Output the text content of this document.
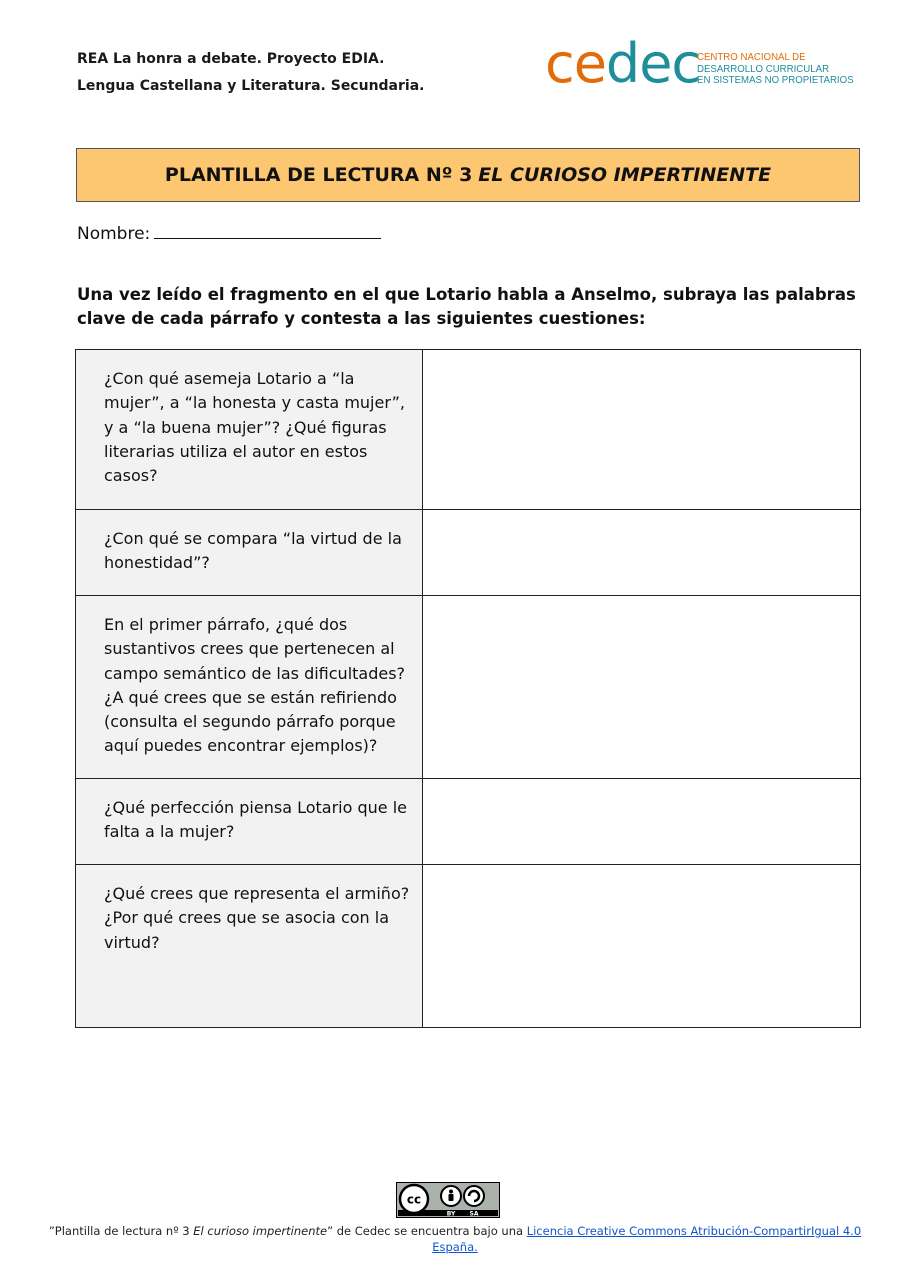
REA La honra a debate. Proyecto EDIA.
Lengua Castellana y Literatura. Secundaria. cedec
CENTRO NACIONAL DE
DESARROLLO CURRICULAR
EN SISTEMAS NO PROPIETARIOS
PLANTILLA DE LECTURA Nº 3 EL CURIOSO IMPERTINENTE
Nombre:
Una vez leído el fragmento en el que Lotario habla a Anselmo, subraya las palabras clave de cada párrafo y contesta a las siguientes cuestiones:
¿Con qué asemeja Lotario a “la mujer”, a “la honesta y casta mujer”, y a “la buena mujer”? ¿Qué figuras literarias utiliza el autor en estos casos?	
¿Con qué se compara “la virtud de la honestidad”?	
En el primer párrafo, ¿qué dos sustantivos crees que pertenecen al campo semántico de las dificultades? ¿A qué crees que se están refiriendo (consulta el segundo párrafo porque aquí puedes encontrar ejemplos)?	
¿Qué perfección piensa Lotario que le falta a la mujer?	
¿Qué crees que representa el armiño? ¿Por qué crees que se asocia con la virtud?	
cc
BY SA
”Plantilla de lectura nº 3 El curioso impertinente” de Cedec se encuentra bajo una Licencia Creative Commons Atribución-CompartirIgual 4.0 España.
